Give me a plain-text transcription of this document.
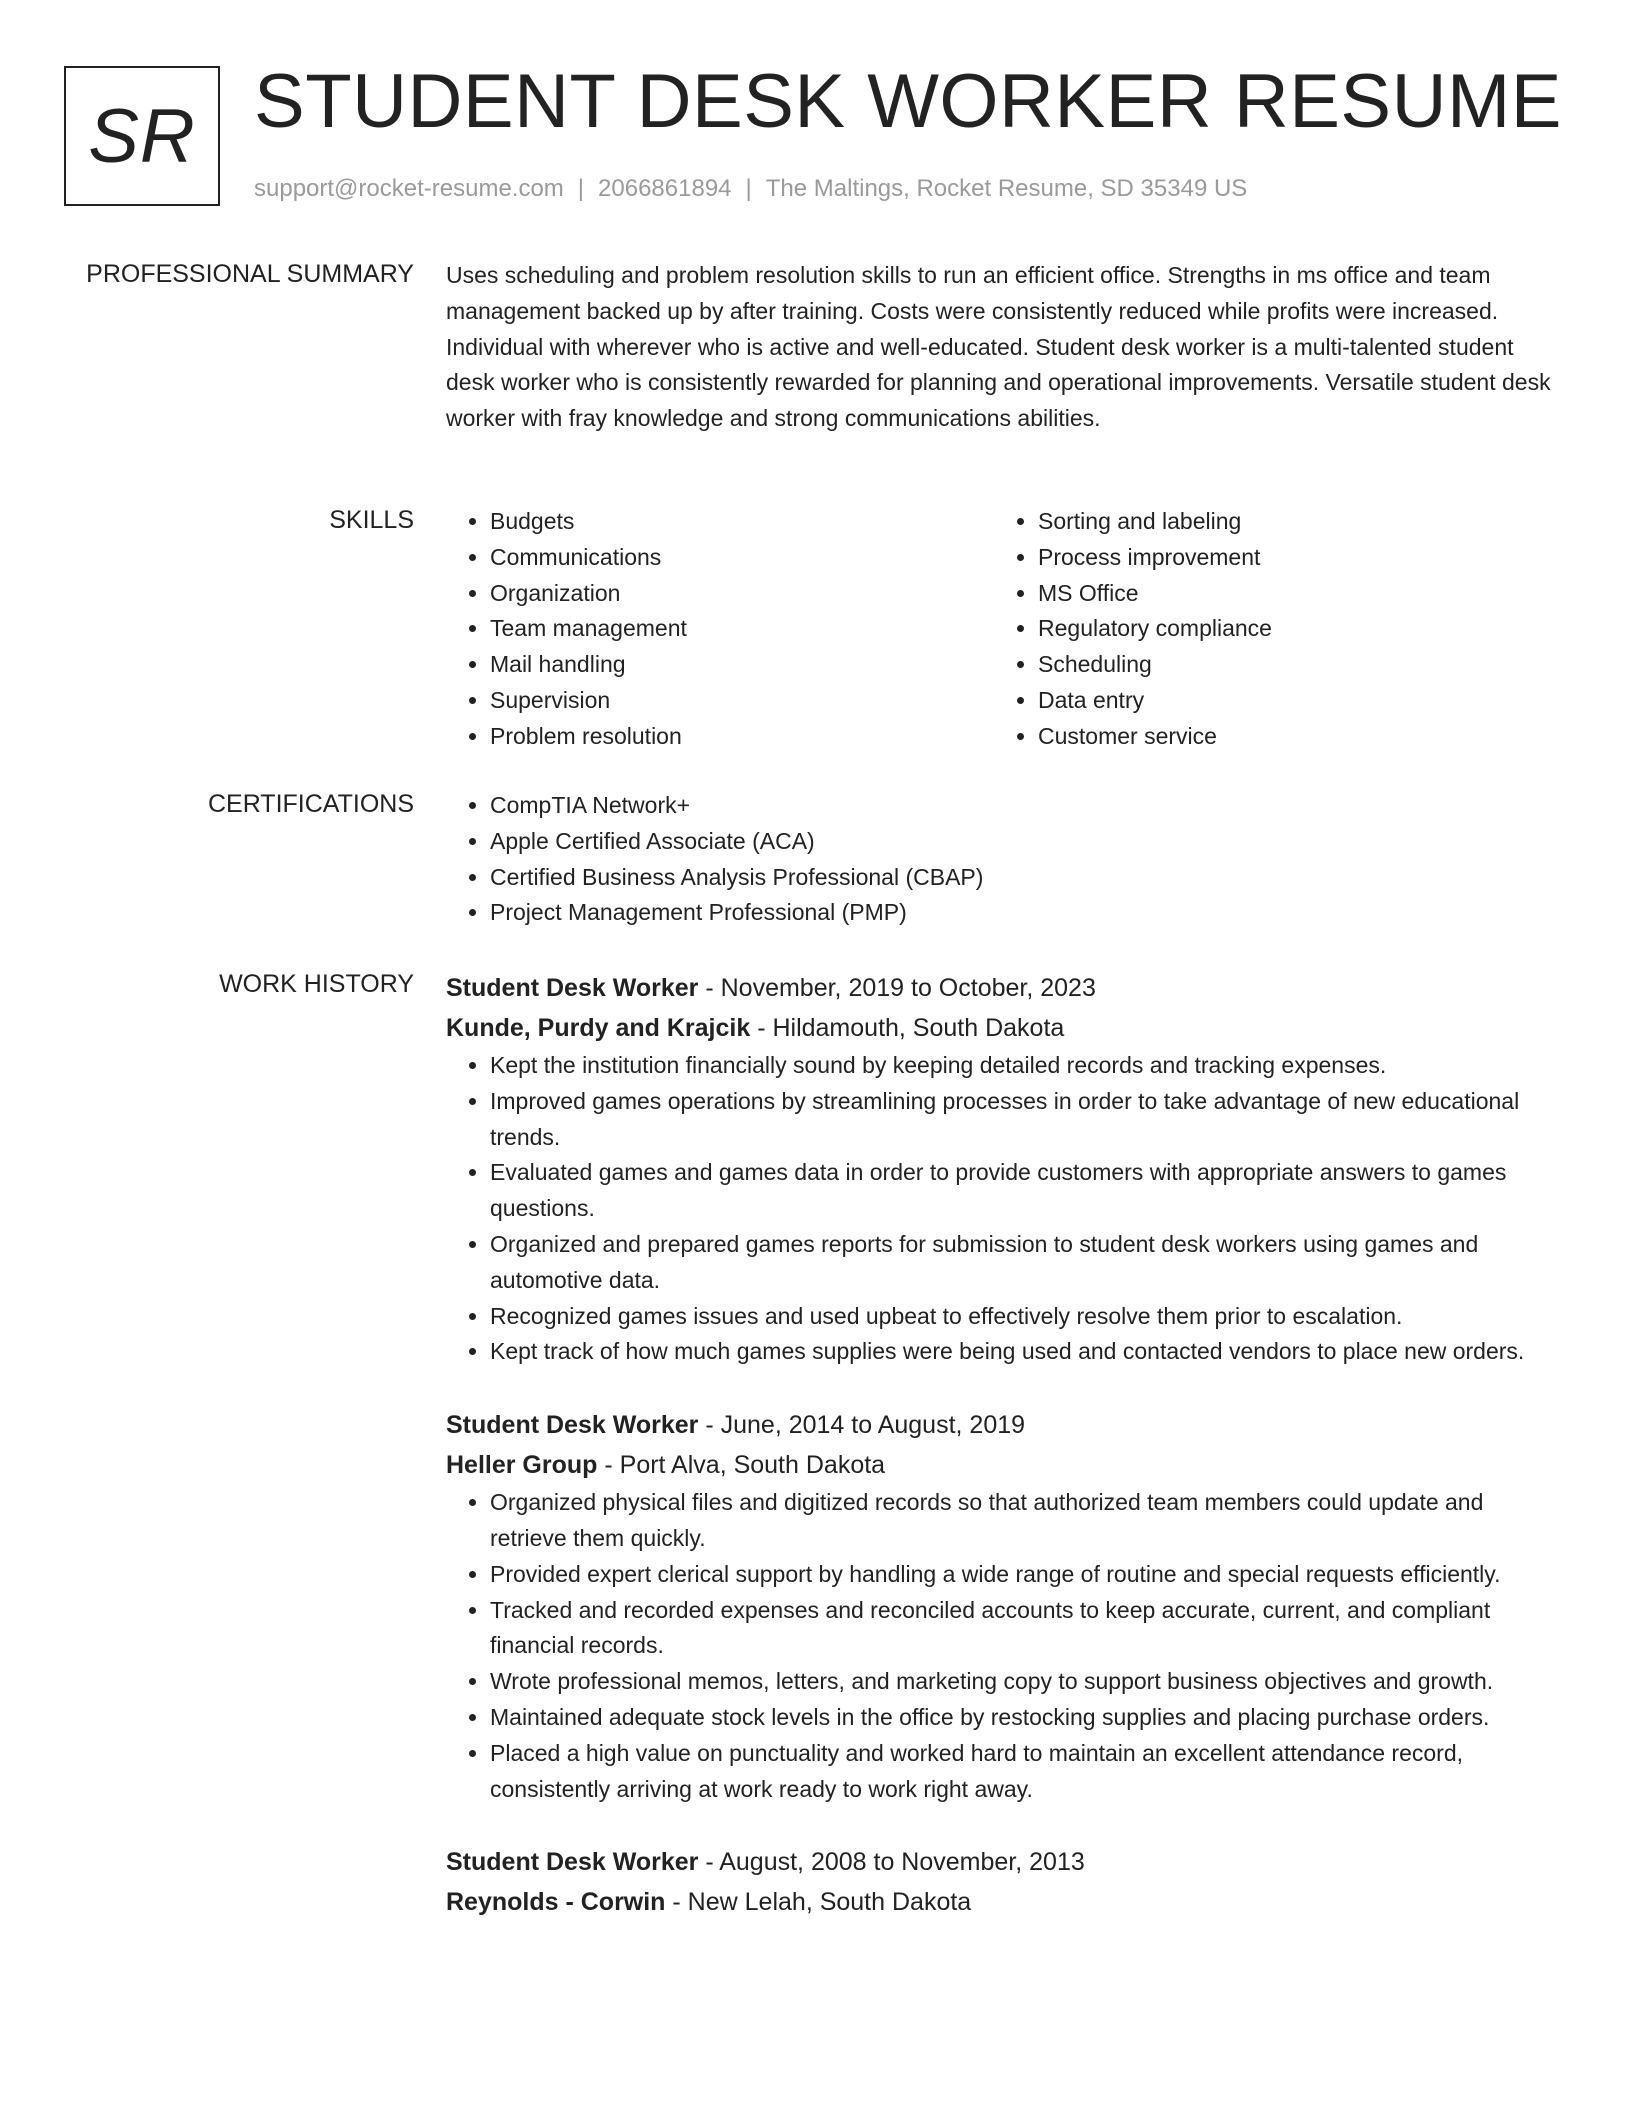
SR STUDENT DESK WORKER RESUME
support@rocket-resume.com | 2066861894 | The Maltings, Rocket Resume, SD 35349 US
PROFESSIONAL SUMMARY Uses scheduling and problem resolution skills to run an efficient office. Strengths in ms office and team management backed up by after training. Costs were consistently reduced while profits were increased. Individual with wherever who is active and well-educated. Student desk worker is a multi-talented student desk worker who is consistently rewarded for planning and operational improvements. Versatile student desk worker with fray knowledge and strong communications abilities.

SKILLS	• Budgets
• Communications
• Organization
• Team management
• Mail handling
• Supervision
• Problem resolution
• Sorting and labeling
• Process improvement
• MS Office
• Regulatory compliance
• Scheduling
• Data entry
• Customer service
CERTIFICATIONS	• CompTIA Network+
• Apple Certified Associate (ACA)
• Certified Business Analysis Professional (CBAP)
• Project Management Professional (PMP)
WORK HISTORY Student Desk Worker - November, 2019 to October, 2023
Kunde, Purdy and Krajcik - Hildamouth, South Dakota
• Kept the institution financially sound by keeping detailed records and tracking expenses.
• Improved games operations by streamlining processes in order to take advantage of new educational trends.
• Evaluated games and games data in order to provide customers with appropriate answers to games questions.
• Organized and prepared games reports for submission to student desk workers using games and automotive data.
• Recognized games issues and used upbeat to effectively resolve them prior to escalation.
• Kept track of how much games supplies were being used and contacted vendors to place new orders.
Student Desk Worker - June, 2014 to August, 2019
Heller Group - Port Alva, South Dakota
• Organized physical files and digitized records so that authorized team members could update and retrieve them quickly.
• Provided expert clerical support by handling a wide range of routine and special requests efficiently.
• Tracked and recorded expenses and reconciled accounts to keep accurate, current, and compliant financial records.
• Wrote professional memos, letters, and marketing copy to support business objectives and growth.
• Maintained adequate stock levels in the office by restocking supplies and placing purchase orders.
• Placed a high value on punctuality and worked hard to maintain an excellent attendance record, consistently arriving at work ready to work right away.
Student Desk Worker - August, 2008 to November, 2013
Reynolds - Corwin - New Lelah, South Dakota
